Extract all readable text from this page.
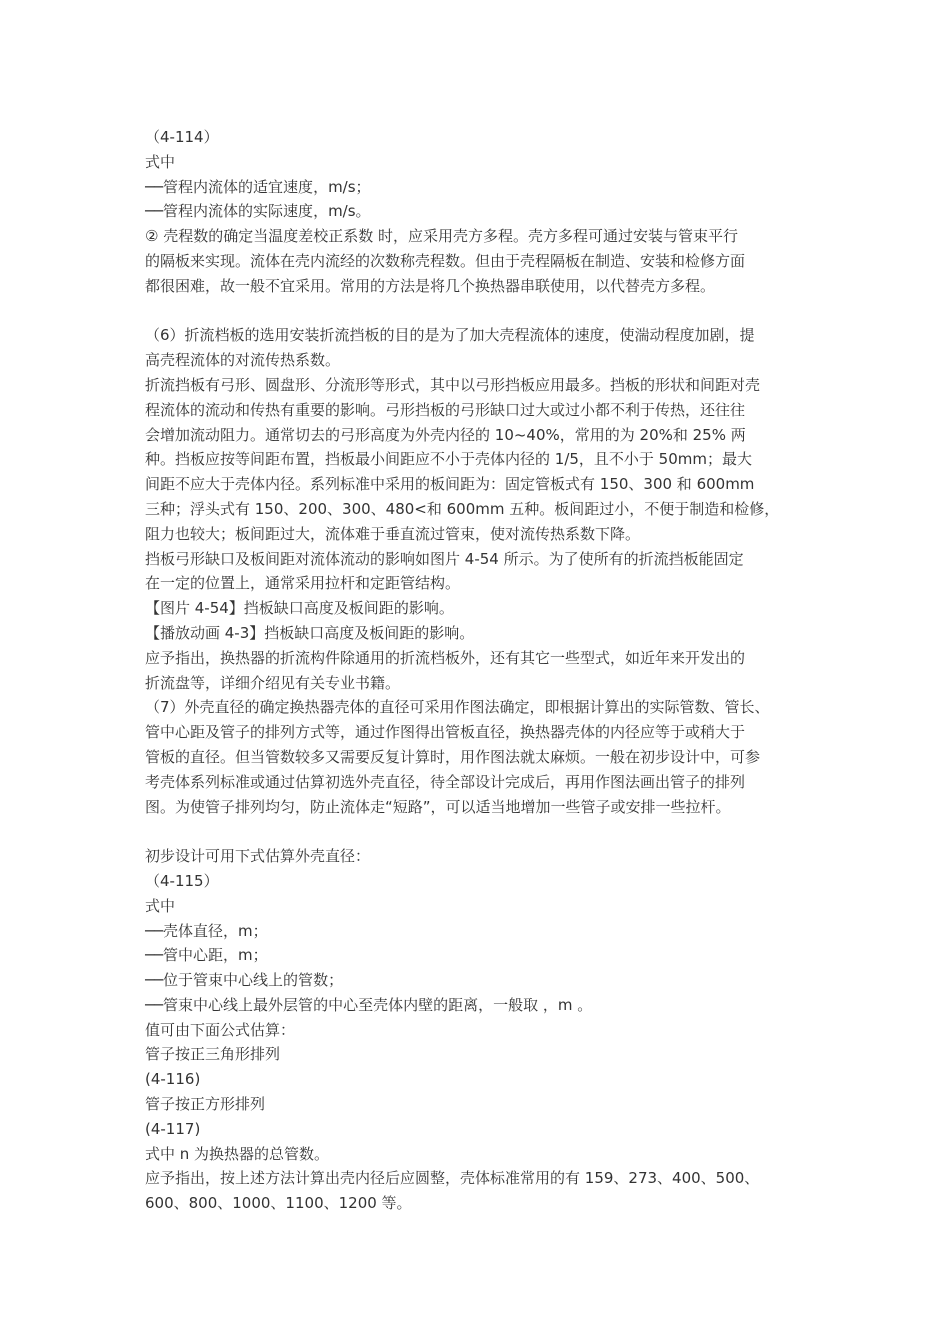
（4-114）

式中

──管程内流体的适宜速度，m/s；

──管程内流体的实际速度，m/s。

② 壳程数的确定当温度差校正系数 时，应采用壳方多程。壳方多程可通过安装与管束平行

的隔板来实现。流体在壳内流经的次数称壳程数。但由于壳程隔板在制造、安装和检修方面

都很困难，故一般不宜采用。常用的方法是将几个换热器串联使用，以代替壳方多程。

（6）折流档板的选用安装折流挡板的目的是为了加大壳程流体的速度，使湍动程度加剧，提

高壳程流体的对流传热系数。

折流挡板有弓形、圆盘形、分流形等形式，其中以弓形挡板应用最多。挡板的形状和间距对壳

程流体的流动和传热有重要的影响。弓形挡板的弓形缺口过大或过小都不利于传热，还往往

会增加流动阻力。通常切去的弓形高度为外壳内径的 10~40%，常用的为 20%和 25% 两

种。挡板应按等间距布置，挡板最小间距应不小于壳体内径的 1/5，且不小于 50mm；最大

间距不应大于壳体内径。系列标准中采用的板间距为：固定管板式有 150、300 和 600mm

三种；浮头式有 150、200、300、480<和 600mm 五种。板间距过小，不便于制造和检修，

阻力也较大；板间距过大，流体难于垂直流过管束，使对流传热系数下降。

挡板弓形缺口及板间距对流体流动的影响如图片 4-54 所示。为了使所有的折流挡板能固定

在一定的位置上，通常采用拉杆和定距管结构。

【图片 4-54】挡板缺口高度及板间距的影响。

【播放动画 4-3】挡板缺口高度及板间距的影响。

应予指出，换热器的折流构件除通用的折流档板外，还有其它一些型式，如近年来开发出的

折流盘等，详细介绍见有关专业书籍。

（7）外壳直径的确定换热器壳体的直径可采用作图法确定，即根据计算出的实际管数、管长、

管中心距及管子的排列方式等，通过作图得出管板直径，换热器壳体的内径应等于或稍大于

管板的直径。但当管数较多又需要反复计算时，用作图法就太麻烦。一般在初步设计中，可参

考壳体系列标准或通过估算初选外壳直径，待全部设计完成后，再用作图法画出管子的排列

图。为使管子排列均匀，防止流体走“短路”，可以适当地增加一些管子或安排一些拉杆。

初步设计可用下式估算外壳直径：

（4-115）

式中

──壳体直径，m；

──管中心距，m；

──位于管束中心线上的管数；

──管束中心线上最外层管的中心至壳体内壁的距离，一般取 ，m 。

值可由下面公式估算：

管子按正三角形排列

(4-116)

管子按正方形排列

(4-117)

式中 n 为换热器的总管数。

应予指出，按上述方法计算出壳内径后应圆整，壳体标准常用的有 159、273、400、500、

600、800、1000、1100、1200 等。
